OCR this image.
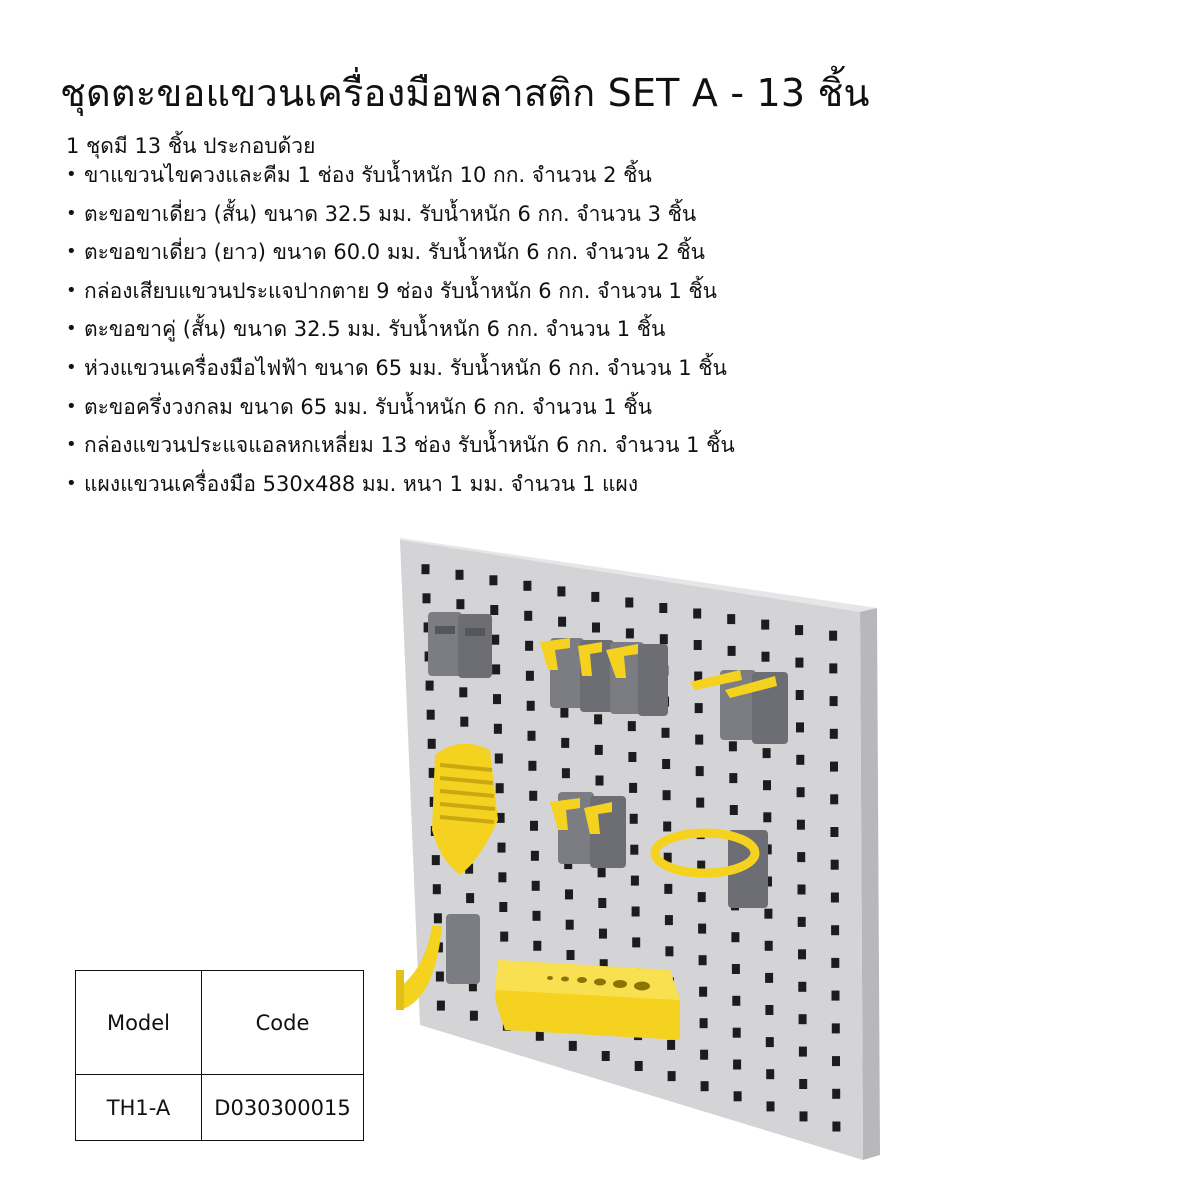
ชุดตะขอแขวนเครื่องมือพลาสติก SET A - 13 ชิ้น
1 ชุดมี 13 ชิ้น ประกอบด้วย
• ขาแขวนไขควงและคีม 1 ช่อง รับน้ำหนัก 10 กก. จำนวน 2 ชิ้น
• ตะขอขาเดี่ยว (สั้น) ขนาด 32.5 มม. รับน้ำหนัก 6 กก. จำนวน 3 ชิ้น
• ตะขอขาเดี่ยว (ยาว) ขนาด 60.0 มม. รับน้ำหนัก 6 กก. จำนวน 2 ชิ้น
• กล่องเสียบแขวนประแจปากตาย 9 ช่อง รับน้ำหนัก 6 กก. จำนวน 1 ชิ้น
• ตะขอขาคู่ (สั้น) ขนาด 32.5 มม. รับน้ำหนัก 6 กก. จำนวน 1 ชิ้น
• ห่วงแขวนเครื่องมือไฟฟ้า ขนาด 65 มม. รับน้ำหนัก 6 กก. จำนวน 1 ชิ้น
• ตะขอครึ่งวงกลม ขนาด 65 มม. รับน้ำหนัก 6 กก. จำนวน 1 ชิ้น
• กล่องแขวนประแจแอลหกเหลี่ยม 13 ช่อง รับน้ำหนัก 6 กก. จำนวน 1 ชิ้น
• แผงแขวนเครื่องมือ 530x488 มม. หนา 1 มม. จำนวน 1 แผง
Model	Code
TH1-A	D030300015
